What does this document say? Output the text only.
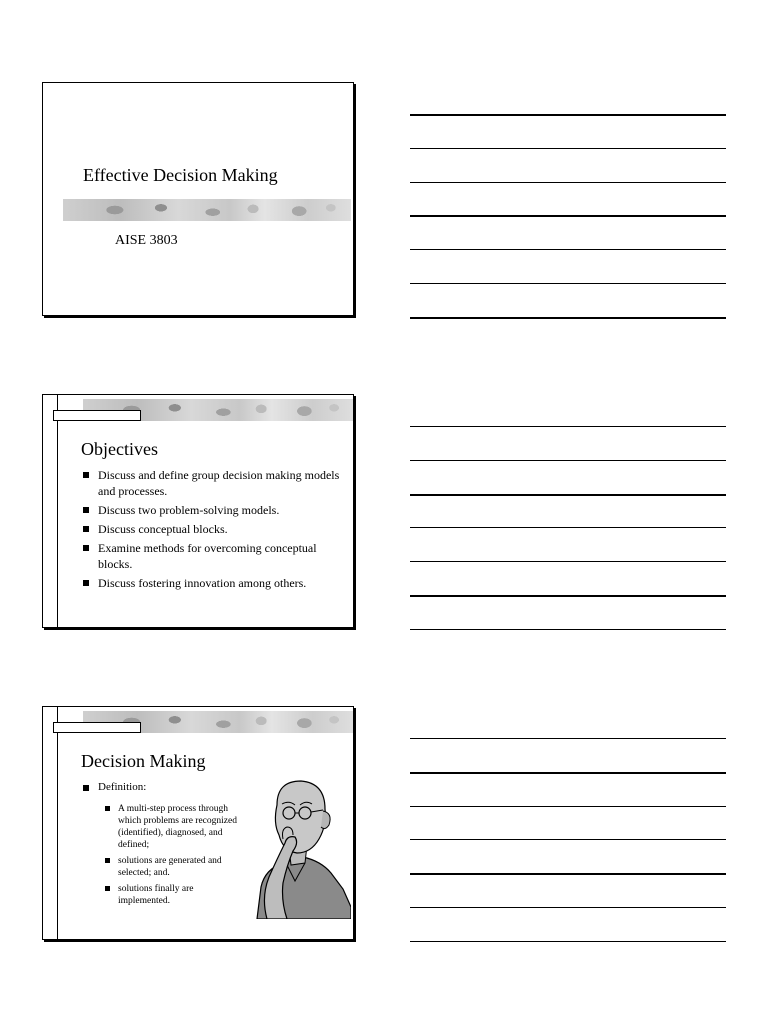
Effective Decision Making
AISE 3803
Objectives
Discuss and define group decision making models and processes.
Discuss two problem-solving models.
Discuss conceptual blocks.
Examine methods for overcoming conceptual blocks.
Discuss fostering innovation among others.
Decision Making
Definition:
A multi-step process through which problems are recognized (identified), diagnosed, and defined;
solutions are generated and selected; and.
solutions finally are implemented.
